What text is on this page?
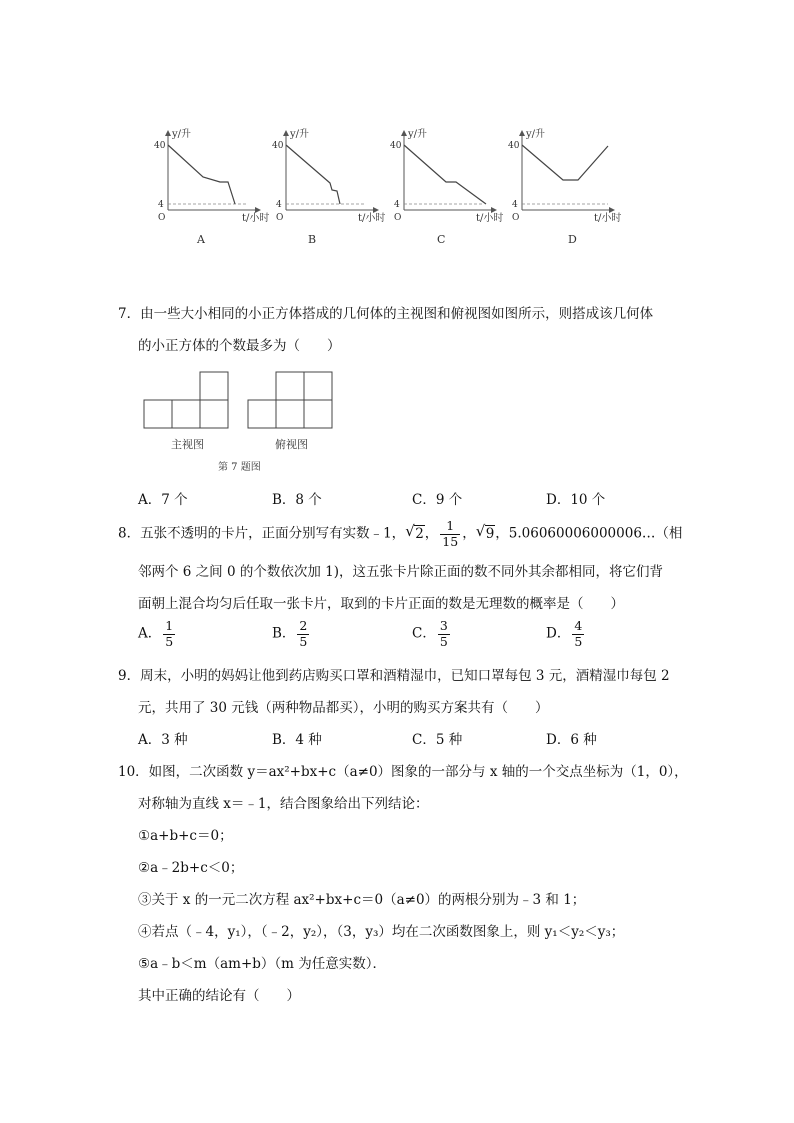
y/升
40
4
O	t/小时
A
y/升
40
4
O	t/小时
B
y/升
40
4
O	t/小时
C
y/升
40
4
O	t/小时
D
7．由一些大小相同的小正方体搭成的几何体的主视图和俯视图如图所示，则搭成该几何体
的小正方体的个数最多为（　　）
主视图	俯视图
第 7 题图
A．7 个	B．8 个	C．9 个	D．10 个
8．五张不透明的卡片，正面分别写有实数﹣1， √ 2， $\frac{1}{15}$ ， √ 9，5.06060006000006…（相
邻两个 6 之间 0 的个数依次加 1)，这五张卡片除正面的数不同外其余都相同，将它们背
面朝上混合均匀后任取一张卡片，取到的卡片正面的数是无理数的概率是（　　）
A． $\frac{1}{5}$	B． $\frac{2}{5}$	C． $\frac{3}{5}$	D． $\frac{4}{5}$
9．周末，小明的妈妈让他到药店购买口罩和酒精湿巾，已知口罩每包 3 元，酒精湿巾每包 2
元，共用了 30 元钱（两种物品都买），小明的购买方案共有（　　）
A．3 种	B．4 种	C．5 种	D．6 种
10．如图，二次函数 y＝ax²+bx+c（a≠0）图象的一部分与 x 轴的一个交点坐标为（1，0），
对称轴为直线 x＝﹣1，结合图象给出下列结论：
①a+b+c＝0；
②a﹣2b+c＜0；
③关于 x 的一元二次方程 ax²+bx+c＝0（a≠0）的两根分别为﹣3 和 1；
④若点（﹣4，y₁），（﹣2，y₂），（3，y₃）均在二次函数图象上，则 y₁＜y₂＜y₃；
⑤a﹣b＜m（am+b）（m 为任意实数）．
其中正确的结论有（　　）
